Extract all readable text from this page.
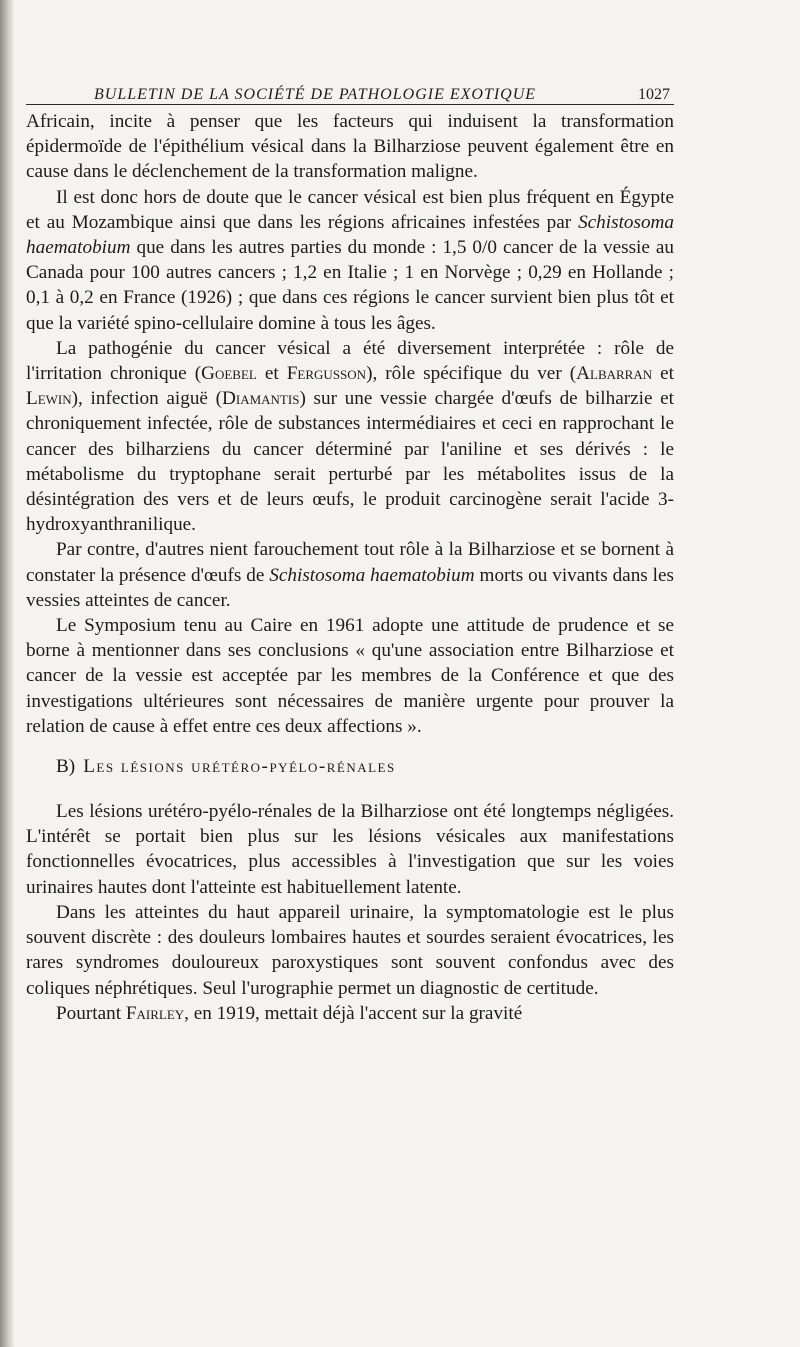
BULLETIN DE LA SOCIÉTÉ DE PATHOLOGIE EXOTIQUE	1027

Africain, incite à penser que les facteurs qui induisent la transformation épidermoïde de l'épithélium vésical dans la Bilharziose peuvent également être en cause dans le déclenchement de la transformation maligne.

Il est donc hors de doute que le cancer vésical est bien plus fréquent en Égypte et au Mozambique ainsi que dans les régions africaines infestées par Schistosoma haematobium que dans les autres parties du monde : 1,5 0/0 cancer de la vessie au Canada pour 100 autres cancers ; 1,2 en Italie ; 1 en Norvège ; 0,29 en Hollande ; 0,1 à 0,2 en France (1926) ; que dans ces régions le cancer survient bien plus tôt et que la variété spino-cellulaire domine à tous les âges.

La pathogénie du cancer vésical a été diversement interprétée : rôle de l'irritation chronique (Goebel et Fergusson), rôle spécifique du ver (Albarran et Lewin), infection aiguë (Diamantis) sur une vessie chargée d'œufs de bilharzie et chroniquement infectée, rôle de substances intermédiaires et ceci en rapprochant le cancer des bilharziens du cancer déterminé par l'aniline et ses dérivés : le métabolisme du tryptophane serait perturbé par les métabolites issus de la désintégration des vers et de leurs œufs, le produit carcinogène serait l'acide 3-hydroxyanthranilique.

Par contre, d'autres nient farouchement tout rôle à la Bilharziose et se bornent à constater la présence d'œufs de Schistosoma haematobium morts ou vivants dans les vessies atteintes de cancer.

Le Symposium tenu au Caire en 1961 adopte une attitude de prudence et se borne à mentionner dans ses conclusions « qu'une association entre Bilharziose et cancer de la vessie est acceptée par les membres de la Conférence et que des investigations ultérieures sont nécessaires de manière urgente pour prouver la relation de cause à effet entre ces deux affections ».

B) Les lésions urétéro-pyélo-rénales

Les lésions urétéro-pyélo-rénales de la Bilharziose ont été longtemps négligées. L'intérêt se portait bien plus sur les lésions vésicales aux manifestations fonctionnelles évocatrices, plus accessibles à l'investigation que sur les voies urinaires hautes dont l'atteinte est habituellement latente.

Dans les atteintes du haut appareil urinaire, la symptomatologie est le plus souvent discrète : des douleurs lombaires hautes et sourdes seraient évocatrices, les rares syndromes douloureux paroxystiques sont souvent confondus avec des coliques néphrétiques. Seul l'urographie permet un diagnostic de certitude.

Pourtant Fairley, en 1919, mettait déjà l'accent sur la gravité
